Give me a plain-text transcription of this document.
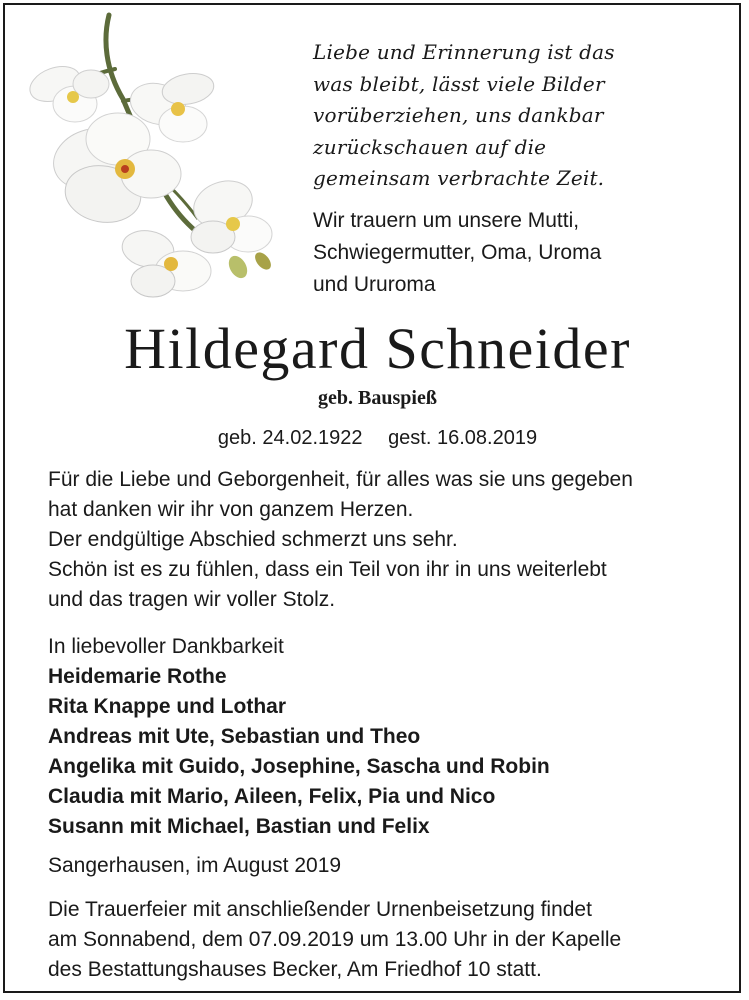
Liebe und Erinnerung ist das
was bleibt, lässt viele Bilder
vorüberziehen, uns dankbar
zurückschauen auf die
gemeinsam verbrachte Zeit.
Wir trauern um unsere Mutti,
Schwiegermutter, Oma, Uroma
und Ururoma
Hildegard Schneider
geb. Bauspieß
geb. 24.02.1922 gest. 16.08.2019
Für die Liebe und Geborgenheit, für alles was sie uns gegeben
hat danken wir ihr von ganzem Herzen.
Der endgültige Abschied schmerzt uns sehr.
Schön ist es zu fühlen, dass ein Teil von ihr in uns weiterlebt
und das tragen wir voller Stolz.
In liebevoller Dankbarkeit
Heidemarie Rothe
Rita Knappe und Lothar
Andreas mit Ute, Sebastian und Theo
Angelika mit Guido, Josephine, Sascha und Robin
Claudia mit Mario, Aileen, Felix, Pia und Nico
Susann mit Michael, Bastian und Felix
Sangerhausen, im August 2019
Die Trauerfeier mit anschließender Urnenbeisetzung findet
am Sonnabend, dem 07.09.2019 um 13.00 Uhr in der Kapelle
des Bestattungshauses Becker, Am Friedhof 10 statt.
